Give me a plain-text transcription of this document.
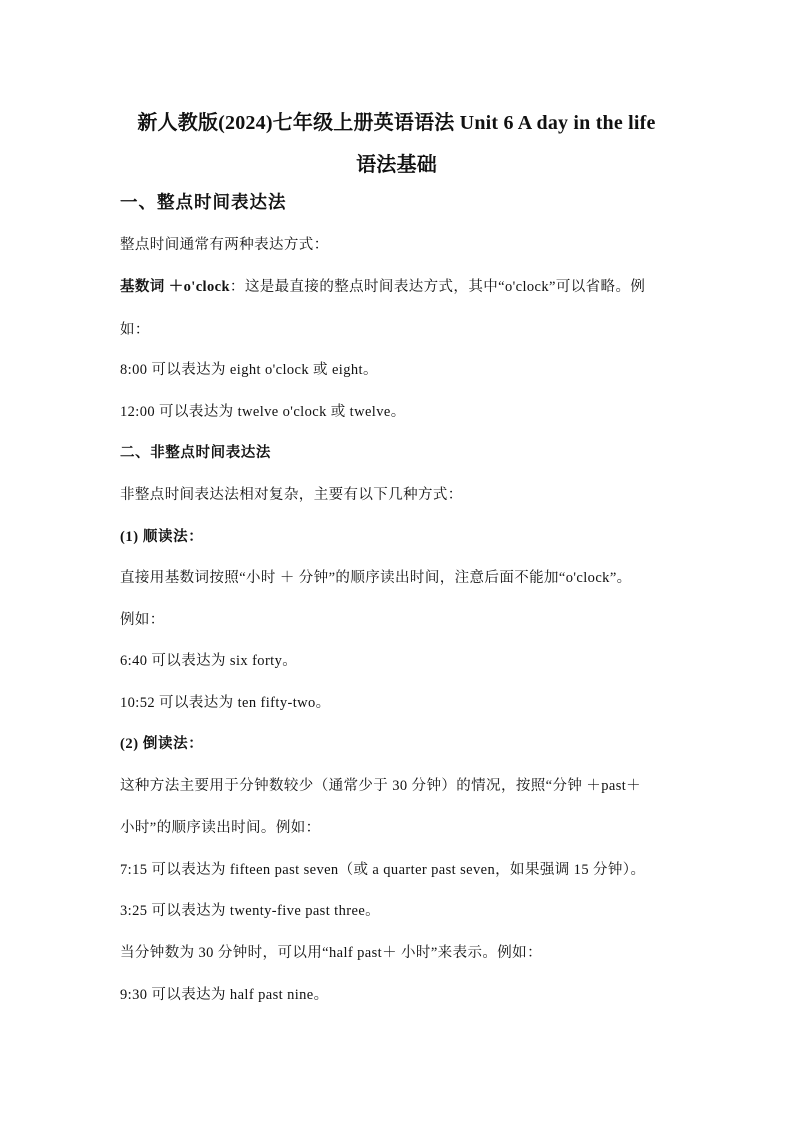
新人教版(2024)七年级上册英语语法 Unit 6 A day in the life
语法基础
一、整点时间表达法
整点时间通常有两种表达方式：
基数词 ＋o'clock：这是最直接的整点时间表达方式，其中“o'clock”可以省略。例
如：
8:00 可以表达为 eight o'clock 或 eight。
12:00 可以表达为 twelve o'clock 或 twelve。
二、非整点时间表达法
非整点时间表达法相对复杂，主要有以下几种方式：
(1) 顺读法：
直接用基数词按照“小时 ＋ 分钟”的顺序读出时间，注意后面不能加“o'clock”。
例如：
6:40 可以表达为 six forty。
10:52 可以表达为 ten fifty-two。
(2) 倒读法：
这种方法主要用于分钟数较少（通常少于 30 分钟）的情况，按照“分钟 ＋past＋
小时”的顺序读出时间。例如：
7:15 可以表达为 fifteen past seven（或 a quarter past seven，如果强调 15 分钟）。
3:25 可以表达为 twenty-five past three。
当分钟数为 30 分钟时，可以用“half past＋ 小时”来表示。例如：
9:30 可以表达为 half past nine。
